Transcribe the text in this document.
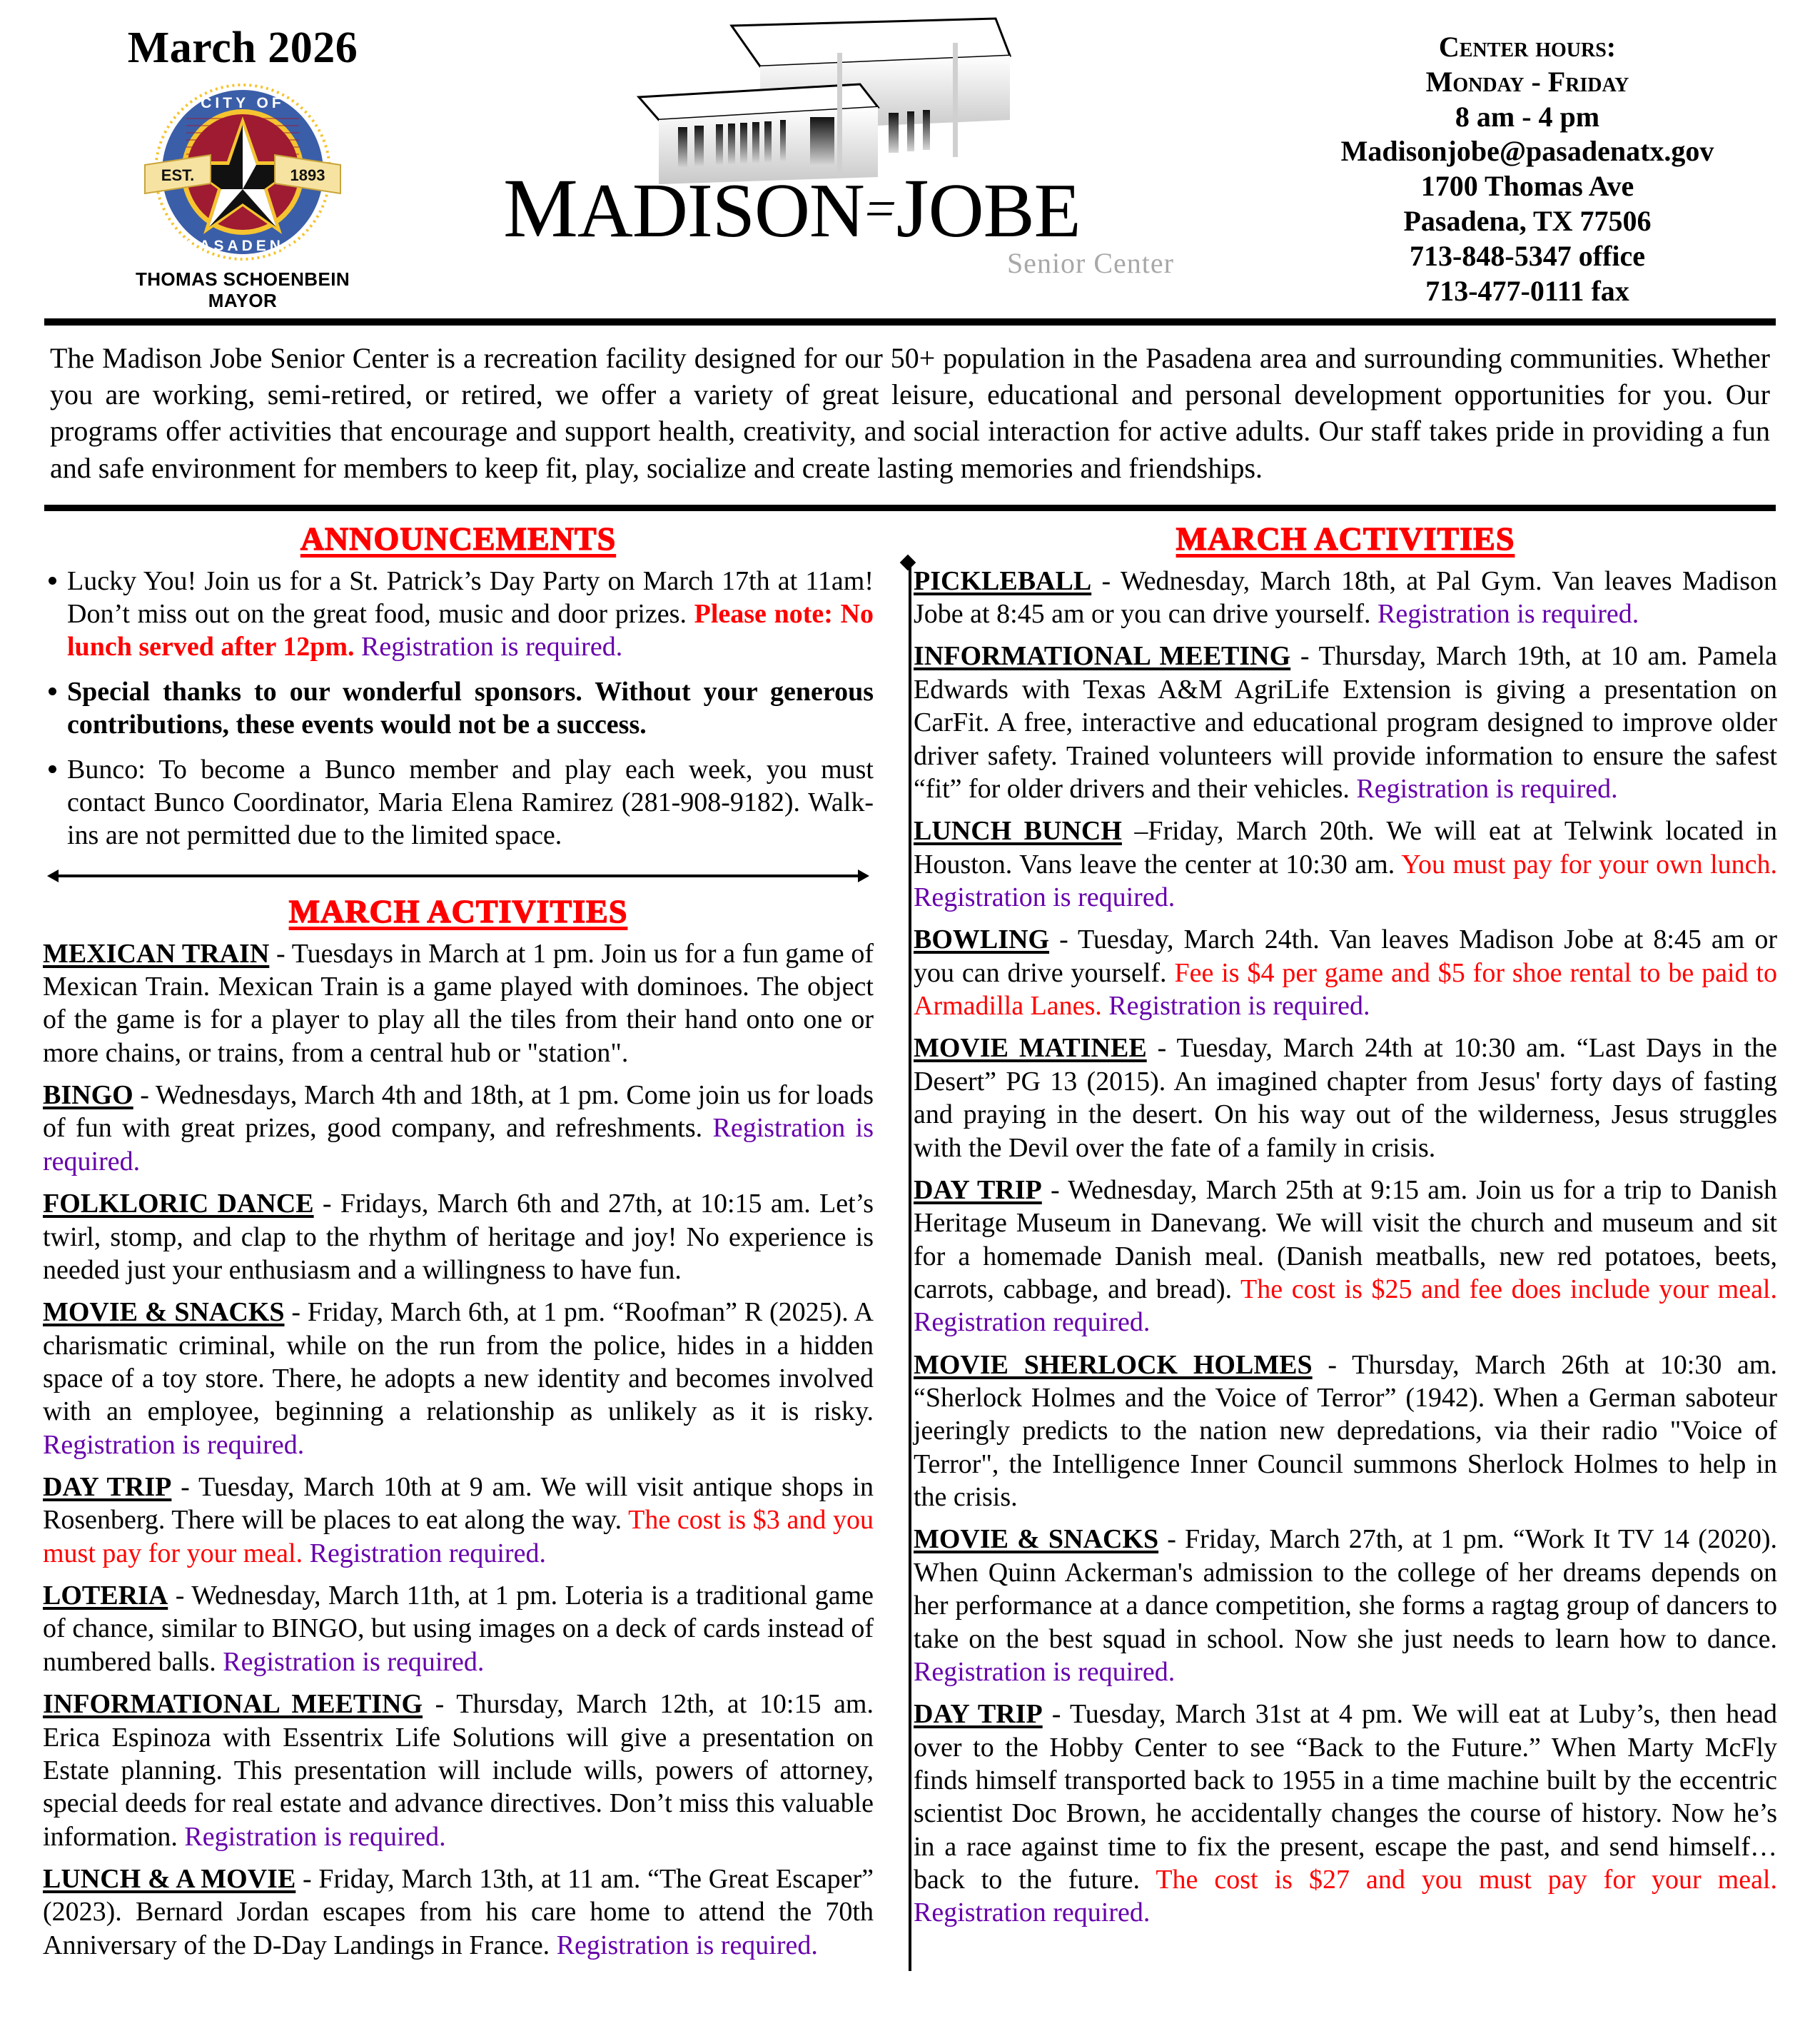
March 2026
CITY OF
PASADENA
EST.	1893
THOMAS SCHOENBEIN
MAYOR
MADISON=JOBE
Senior Center
Center hours:
Monday - Friday
8 am - 4 pm
Madisonjobe@pasadenatx.gov
1700 Thomas Ave
Pasadena, TX 77506
713-848-5347 office
713-477-0111 fax
The Madison Jobe Senior Center is a recreation facility designed for our 50+ population in the Pasadena area and surrounding communities. Whether you are working, semi-retired, or retired, we offer a variety of great leisure, educational and personal development opportunities for you. Our programs offer activities that encourage and support health, creativity, and social interaction for active adults. Our staff takes pride in providing a fun and safe environment for members to keep fit, play, socialize and create lasting memories and friendships.
ANNOUNCEMENTS
Lucky You! Join us for a St. Patrick’s Day Party on March 17th at 11am! Don’t miss out on the great food, music and door prizes. Please note: No lunch served after 12pm. Registration is required.
Special thanks to our wonderful sponsors. Without your generous contributions, these events would not be a success.
Bunco: To become a Bunco member and play each week, you must contact Bunco Coordinator, Maria Elena Ramirez (281-908-9182). Walk-ins are not permitted due to the limited space.
MARCH ACTIVITIES

MEXICAN TRAIN - Tuesdays in March at 1 pm. Join us for a fun game of Mexican Train. Mexican Train is a game played with dominoes. The object of the game is for a player to play all the tiles from their hand onto one or more chains, or trains, from a central hub or "station".

BINGO - Wednesdays, March 4th and 18th, at 1 pm. Come join us for loads of fun with great prizes, good company, and refreshments. Registration is required.

FOLKLORIC DANCE - Fridays, March 6th and 27th, at 10:15 am. Let’s twirl, stomp, and clap to the rhythm of heritage and joy! No experience is needed just your enthusiasm and a willingness to have fun.

MOVIE & SNACKS - Friday, March 6th, at 1 pm. “Roofman” R (2025). A charismatic criminal, while on the run from the police, hides in a hidden space of a toy store. There, he adopts a new identity and becomes involved with an employee, beginning a relationship as unlikely as it is risky. Registration is required.

DAY TRIP - Tuesday, March 10th at 9 am. We will visit antique shops in Rosenberg. There will be places to eat along the way. The cost is $3 and you must pay for your meal. Registration required.

LOTERIA - Wednesday, March 11th, at 1 pm. Loteria is a traditional game of chance, similar to BINGO, but using images on a deck of cards instead of numbered balls. Registration is required.

INFORMATIONAL MEETING - Thursday, March 12th, at 10:15 am. Erica Espinoza with Essentrix Life Solutions will give a presentation on Estate planning. This presentation will include wills, powers of attorney, special deeds for real estate and advance directives. Don’t miss this valuable information. Registration is required.

LUNCH & A MOVIE - Friday, March 13th, at 11 am. “The Great Escaper” (2023). Bernard Jordan escapes from his care home to attend the 70th Anniversary of the D-Day Landings in France. Registration is required.

MARCH ACTIVITIES

PICKLEBALL - Wednesday, March 18th, at Pal Gym. Van leaves Madison Jobe at 8:45 am or you can drive yourself. Registration is required.

INFORMATIONAL MEETING - Thursday, March 19th, at 10 am. Pamela Edwards with Texas A&M AgriLife Extension is giving a presentation on CarFit. A free, interactive and educational program designed to improve older driver safety. Trained volunteers will provide information to ensure the safest “fit” for older drivers and their vehicles. Registration is required.

LUNCH BUNCH –Friday, March 20th. We will eat at Telwink located in Houston. Vans leave the center at 10:30 am. You must pay for your own lunch. Registration is required.

BOWLING - Tuesday, March 24th. Van leaves Madison Jobe at 8:45 am or you can drive yourself. Fee is $4 per game and $5 for shoe rental to be paid to Armadilla Lanes. Registration is required.

MOVIE MATINEE - Tuesday, March 24th at 10:30 am. “Last Days in the Desert” PG 13 (2015). An imagined chapter from Jesus' forty days of fasting and praying in the desert. On his way out of the wilderness, Jesus struggles with the Devil over the fate of a family in crisis.

DAY TRIP - Wednesday, March 25th at 9:15 am. Join us for a trip to Danish Heritage Museum in Danevang. We will visit the church and museum and sit for a homemade Danish meal. (Danish meatballs, new red potatoes, beets, carrots, cabbage, and bread). The cost is $25 and fee does include your meal. Registration required.

MOVIE SHERLOCK HOLMES - Thursday, March 26th at 10:30 am. “Sherlock Holmes and the Voice of Terror” (1942). When a German saboteur jeeringly predicts to the nation new depredations, via their radio "Voice of Terror", the Intelligence Inner Council summons Sherlock Holmes to help in the crisis.

MOVIE & SNACKS - Friday, March 27th, at 1 pm. “Work It TV 14 (2020). When Quinn Ackerman's admission to the college of her dreams depends on her performance at a dance competition, she forms a ragtag group of dancers to take on the best squad in school. Now she just needs to learn how to dance. Registration is required.

DAY TRIP - Tuesday, March 31st at 4 pm. We will eat at Luby’s, then head over to the Hobby Center to see “Back to the Future.” When Marty McFly finds himself transported back to 1955 in a time machine built by the eccentric scientist Doc Brown, he accidentally changes the course of history. Now he’s in a race against time to fix the present, escape the past, and send himself…back to the future. The cost is $27 and you must pay for your meal. Registration required.
